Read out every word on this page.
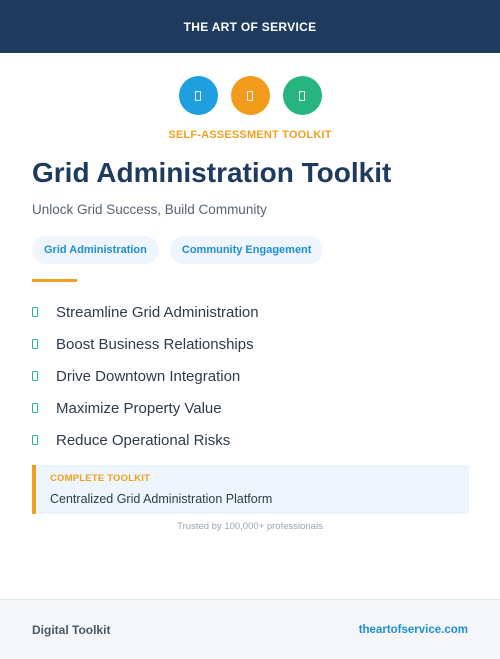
THE ART OF SERVICE
SELF-ASSESSMENT TOOLKIT
Grid Administration Toolkit
Unlock Grid Success, Build Community
Grid Administration	Community Engagement
Streamline Grid Administration
Boost Business Relationships
Drive Downtown Integration
Maximize Property Value
Reduce Operational Risks
COMPLETE TOOLKIT
Centralized Grid Administration Platform
Trusted by 100,000+ professionals
Digital Toolkit	theartofservice.com
